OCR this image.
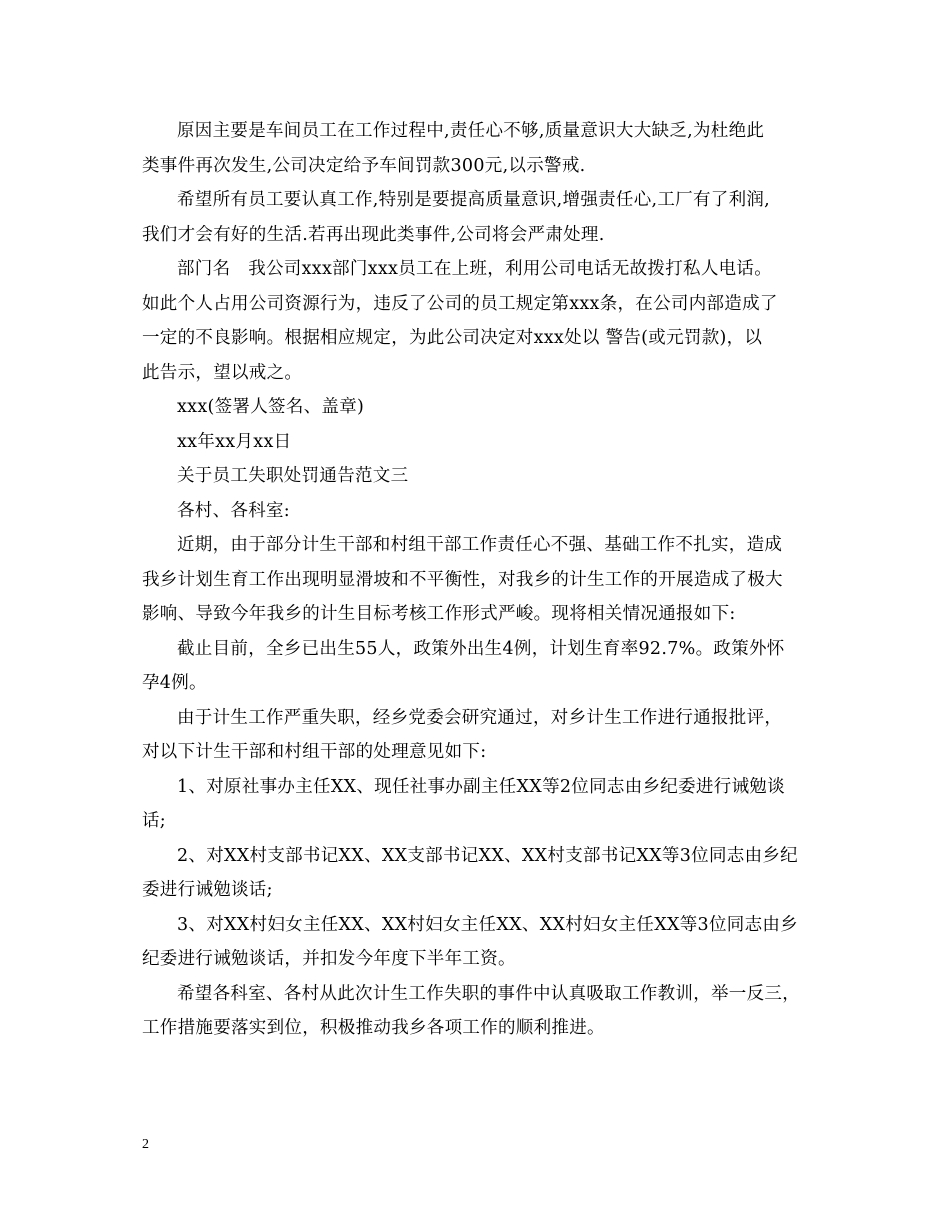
原因主要是车间员工在工作过程中,责任心不够,质量意识大大缺乏,为杜绝此
类事件再次发生,公司决定给予车间罚款300元,以示警戒.

希望所有员工要认真工作,特别是要提高质量意识,增强责任心,工厂有了利润,
我们才会有好的生活.若再出现此类事件,公司将会严肃处理.

部门名　我公司xxx部门xxx员工在上班，利用公司电话无故拨打私人电话。
如此个人占用公司资源行为，违反了公司的员工规定第xxx条，在公司内部造成了
一定的不良影响。根据相应规定，为此公司决定对xxx处以 警告(或元罚款)，以
此告示，望以戒之。

xxx(签署人签名、盖章)

xx年xx月xx日

关于员工失职处罚通告范文三

各村、各科室:

近期，由于部分计生干部和村组干部工作责任心不强、基础工作不扎实，造成
我乡计划生育工作出现明显滑坡和不平衡性，对我乡的计生工作的开展造成了极大
影响、导致今年我乡的计生目标考核工作形式严峻。现将相关情况通报如下:

截止目前，全乡已出生55人，政策外出生4例，计划生育率92.7%。政策外怀
孕4例。

由于计生工作严重失职，经乡党委会研究通过，对乡计生工作进行通报批评，
对以下计生干部和村组干部的处理意见如下:

1、对原社事办主任XX、现任社事办副主任XX等2位同志由乡纪委进行诫勉谈
话;

2、对XX村支部书记XX、XX支部书记XX、XX村支部书记XX等3位同志由乡纪
委进行诫勉谈话;

3、对XX村妇女主任XX、XX村妇女主任XX、XX村妇女主任XX等3位同志由乡
纪委进行诫勉谈话，并扣发今年度下半年工资。

希望各科室、各村从此次计生工作失职的事件中认真吸取工作教训，举一反三，
工作措施要落实到位，积极推动我乡各项工作的顺利推进。

2
